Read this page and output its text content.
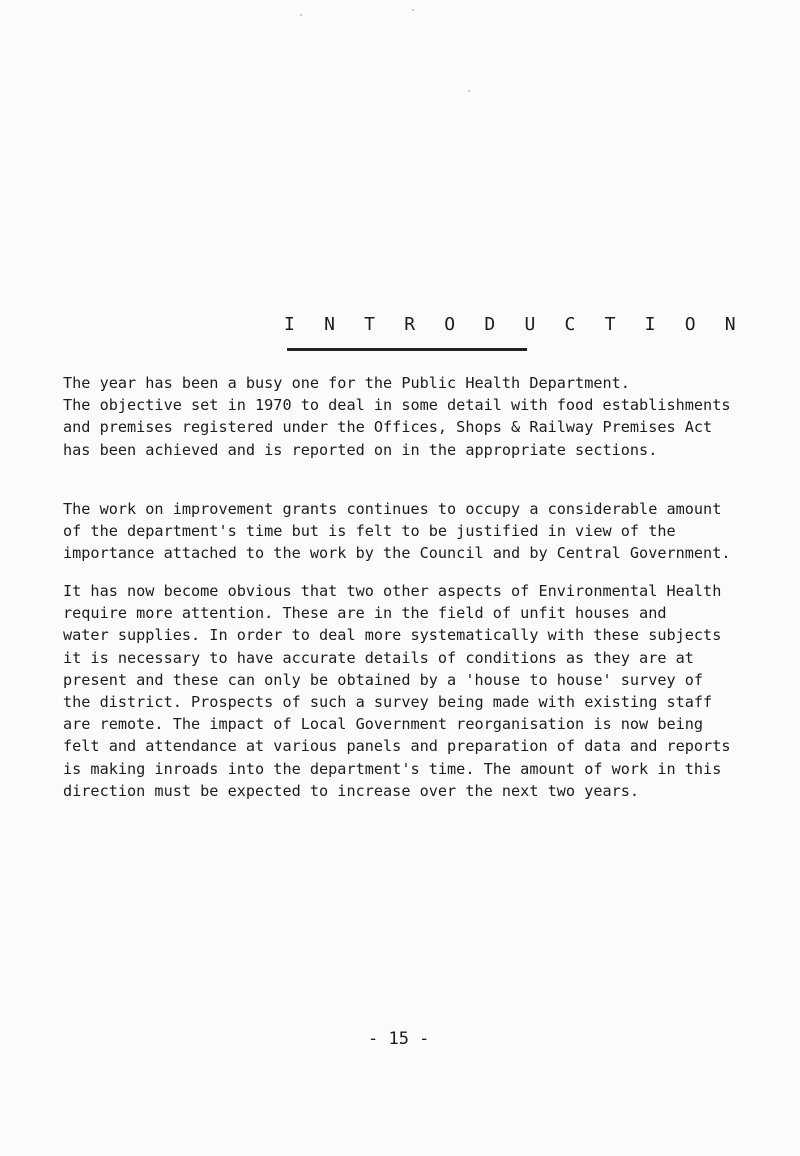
I N T R O D U C T I O N
The year has been a busy one for the Public Health Department.
The objective set in 1970 to deal in some detail with food establishments
and premises registered under the Offices, Shops & Railway Premises Act
has been achieved and is reported on in the appropriate sections.
The work on improvement grants continues to occupy a considerable amount
of the department's time but is felt to be justified in view of the
importance attached to the work by the Council and by Central Government.
It has now become obvious that two other aspects of Environmental Health
require more attention. These are in the field of unfit houses and
water supplies. In order to deal more systematically with these subjects
it is necessary to have accurate details of conditions as they are at
present and these can only be obtained by a 'house to house' survey of
the district. Prospects of such a survey being made with existing staff
are remote. The impact of Local Government reorganisation is now being
felt and attendance at various panels and preparation of data and reports
is making inroads into the department's time. The amount of work in this
direction must be expected to increase over the next two years.
- 15 -
